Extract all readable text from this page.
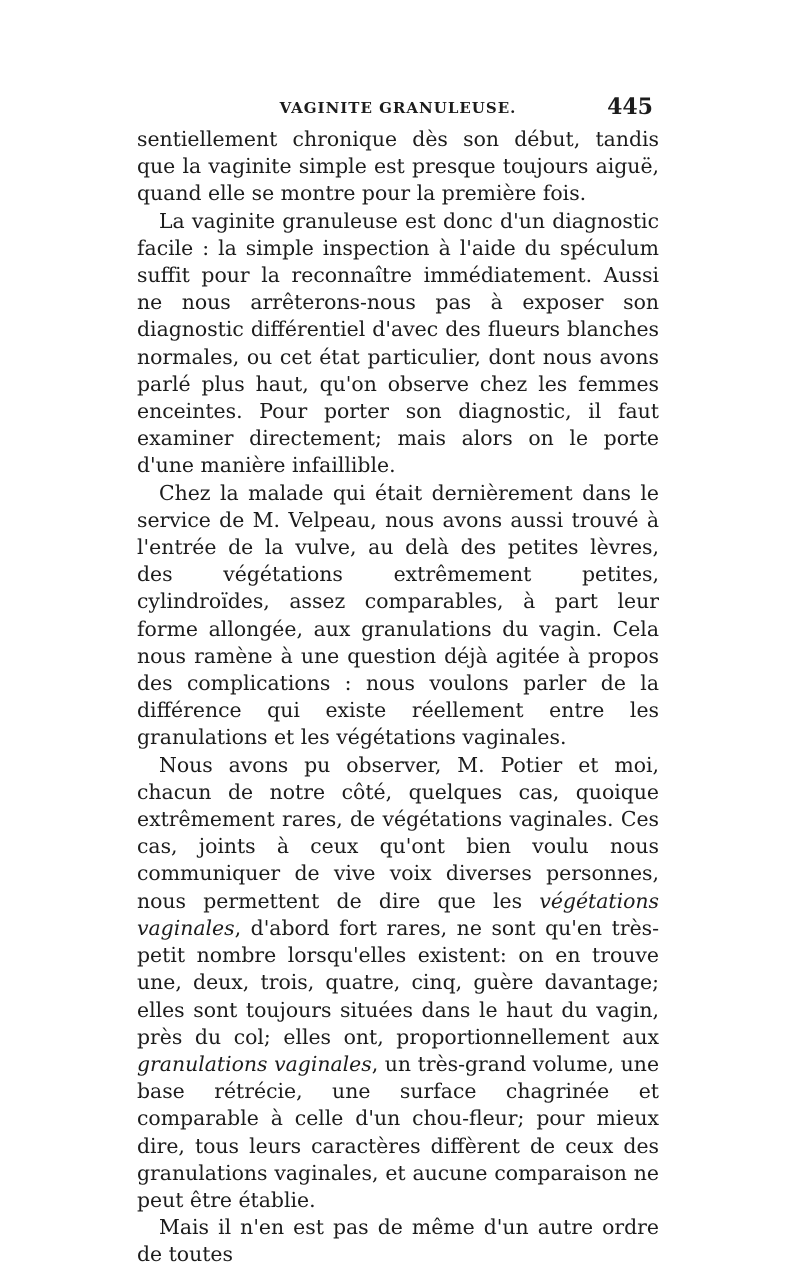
VAGINITE GRANULEUSE.	445

sentiellement chronique dès son début, tandis que la vaginite simple est presque toujours aiguë, quand elle se montre pour la première fois.

La vaginite granuleuse est donc d'un diagnostic facile : la simple inspection à l'aide du spéculum suffit pour la reconnaître immédiatement. Aussi ne nous arrêterons-nous pas à exposer son diagnostic différentiel d'avec des flueurs blanches normales, ou cet état particulier, dont nous avons parlé plus haut, qu'on observe chez les femmes enceintes. Pour porter son diagnostic, il faut examiner directement; mais alors on le porte d'une manière infaillible.

Chez la malade qui était dernièrement dans le service de M. Velpeau, nous avons aussi trouvé à l'entrée de la vulve, au delà des petites lèvres, des végétations extrêmement petites, cylindroïdes, assez comparables, à part leur forme allongée, aux granulations du vagin. Cela nous ramène à une question déjà agitée à propos des complications : nous voulons parler de la différence qui existe réellement entre les granulations et les végétations vaginales.

Nous avons pu observer, M. Potier et moi, chacun de notre côté, quelques cas, quoique extrêmement rares, de végétations vaginales. Ces cas, joints à ceux qu'ont bien voulu nous communiquer de vive voix diverses personnes, nous permettent de dire que les végétations vaginales, d'abord fort rares, ne sont qu'en très-petit nombre lorsqu'elles existent: on en trouve une, deux, trois, quatre, cinq, guère davantage; elles sont toujours situées dans le haut du vagin, près du col; elles ont, proportionnellement aux granulations vaginales, un très-grand volume, une base rétrécie, une surface chagrinée et comparable à celle d'un chou-fleur; pour mieux dire, tous leurs caractères diffèrent de ceux des granulations vaginales, et aucune comparaison ne peut être établie.

Mais il n'en est pas de même d'un autre ordre de toutes
